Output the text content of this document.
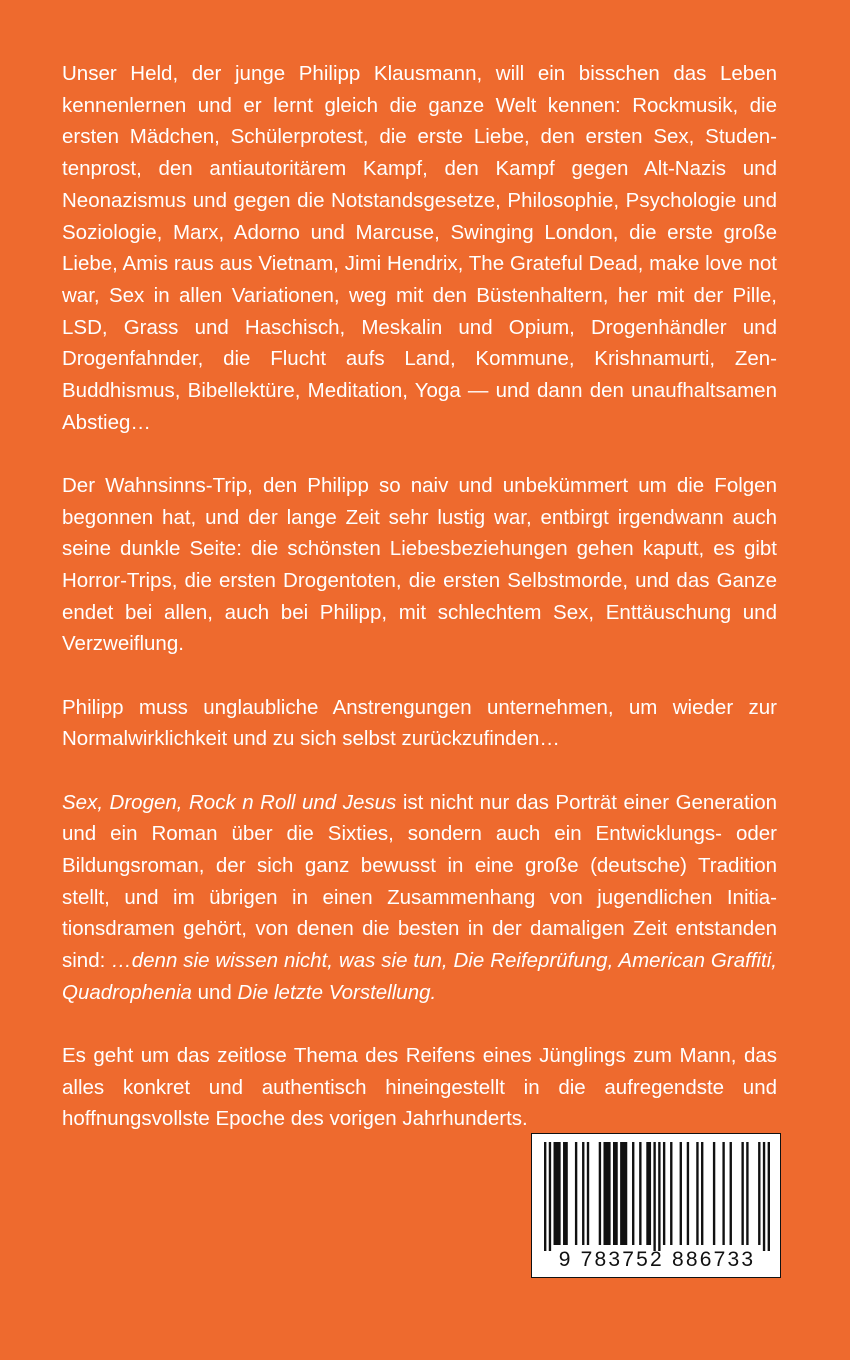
Unser Held, der junge Philipp Klausmann, will ein bisschen das Leben kennenlernen und er lernt gleich die ganze Welt kennen: Rockmusik, die ersten Mädchen, Schülerprotest, die erste Liebe, den ersten Sex, Studentenprost, den antiautoritärem Kampf, den Kampf gegen Alt-Nazis und Neonazismus und gegen die Notstandsgesetze, Philosophie, Psychologie und Soziologie, Marx, Adorno und Marcuse, Swinging London, die erste große Liebe, Amis raus aus Vietnam, Jimi Hendrix, The Grateful Dead, make love not war, Sex in allen Variationen, weg mit den Büstenhaltern, her mit der Pille, LSD, Grass und Haschisch, Meskalin und Opium, Drogenhändler und Drogenfahnder, die Flucht aufs Land, Kommune, Krishnamurti, Zen-Buddhismus, Bibellektüre, Meditation, Yoga — und dann den unaufhaltsamen Abstieg…

Der Wahnsinns-Trip, den Philipp so naiv und unbekümmert um die Folgen begonnen hat, und der lange Zeit sehr lustig war, entbirgt irgendwann auch seine dunkle Seite: die schönsten Liebesbeziehungen gehen kaputt, es gibt Horror-Trips, die ersten Drogentoten, die ersten Selbstmorde, und das Ganze endet bei allen, auch bei Philipp, mit schlechtem Sex, Enttäuschung und Verzweiflung.

Philipp muss unglaubliche Anstrengungen unternehmen, um wieder zur Normalwirklichkeit und zu sich selbst zurückzufinden…

Sex, Drogen, Rock n Roll und Jesus ist nicht nur das Porträt einer Generation und ein Roman über die Sixties, sondern auch ein Entwicklungs- oder Bildungsroman, der sich ganz bewusst in eine große (deutsche) Tradition stellt, und im übrigen in einen Zusammenhang von jugendlichen Initiationsdramen gehört, von denen die besten in der damaligen Zeit entstanden sind: …denn sie wissen nicht, was sie tun, Die Reifeprüfung, American Graffiti, Quadrophenia und Die letzte Vorstellung.

Es geht um das zeitlose Thema des Reifens eines Jünglings zum Mann, das alles konkret und authentisch hineingestellt in die aufregendste und hoffnungsvollste Epoche des vorigen Jahrhunderts.

9 783752 886733
